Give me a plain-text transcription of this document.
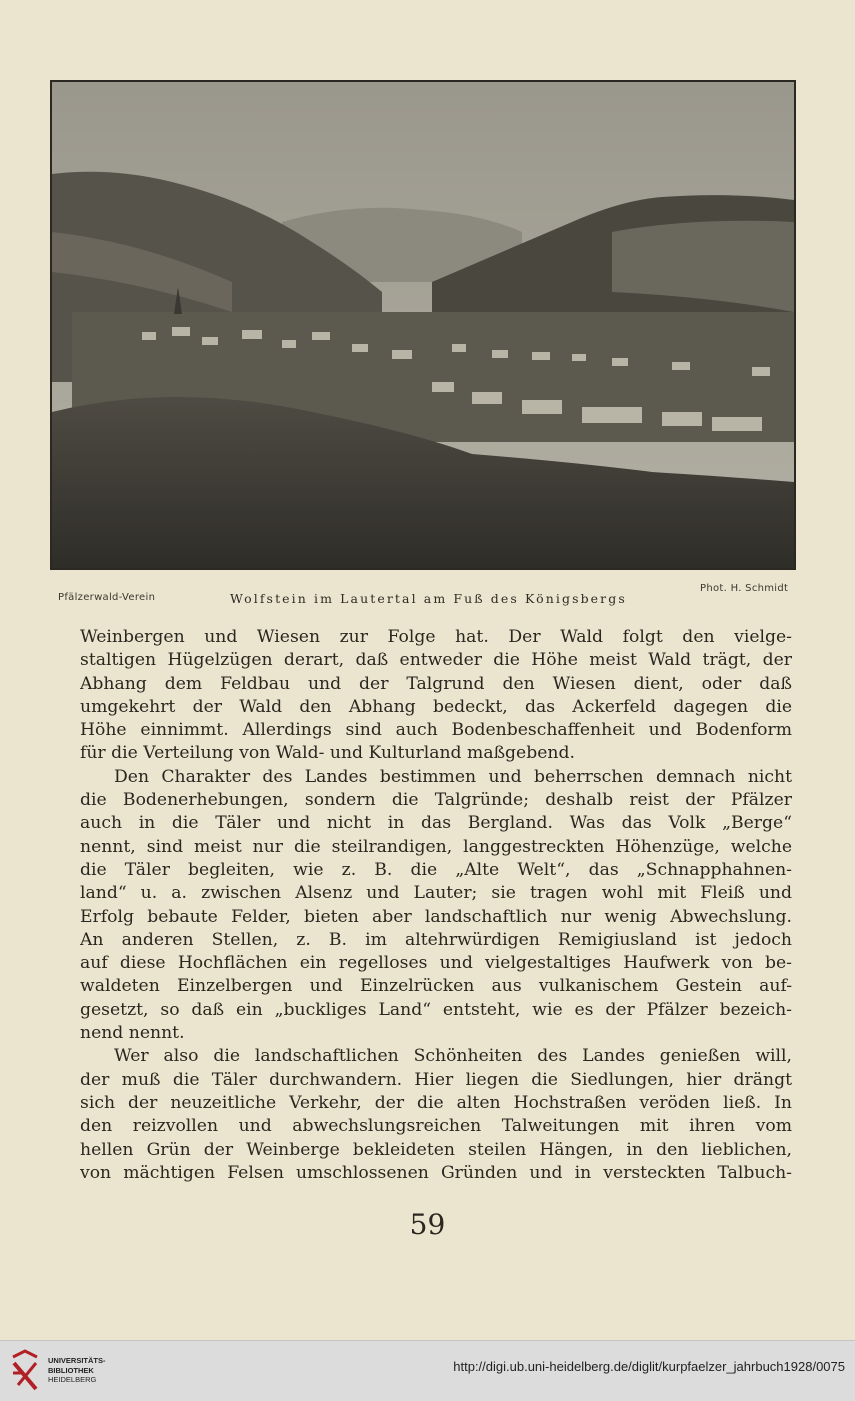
Pfälzerwald-Verein	Wolfstein im Lautertal am Fuß des Königsbergs
Phot. H. Schmidt
Weinbergen und Wiesen zur Folge hat. Der Wald folgt den vielge-
staltigen Hügelzügen derart, daß entweder die Höhe meist Wald trägt, der
Abhang dem Feldbau und der Talgrund den Wiesen dient, oder daß
umgekehrt der Wald den Abhang bedeckt, das Ackerfeld dagegen die
Höhe einnimmt. Allerdings sind auch Bodenbeschaffenheit und Bodenform
für die Verteilung von Wald- und Kulturland maßgebend.
Den Charakter des Landes bestimmen und beherrschen demnach nicht
die Bodenerhebungen, sondern die Talgründe; deshalb reist der Pfälzer
auch in die Täler und nicht in das Bergland. Was das Volk „Berge“
nennt, sind meist nur die steilrandigen, langgestreckten Höhenzüge, welche
die Täler begleiten, wie z. B. die „Alte Welt“, das „Schnapphahnen-
land“ u. a. zwischen Alsenz und Lauter; sie tragen wohl mit Fleiß und
Erfolg bebaute Felder, bieten aber landschaftlich nur wenig Abwechslung.
An anderen Stellen, z. B. im altehrwürdigen Remigiusland ist jedoch
auf diese Hochflächen ein regelloses und vielgestaltiges Haufwerk von be-
waldeten Einzelbergen und Einzelrücken aus vulkanischem Gestein auf-
gesetzt, so daß ein „buckliges Land“ entsteht, wie es der Pfälzer bezeich-
nend nennt.
Wer also die landschaftlichen Schönheiten des Landes genießen will,
der muß die Täler durchwandern. Hier liegen die Siedlungen, hier drängt
sich der neuzeitliche Verkehr, der die alten Hochstraßen veröden ließ. In
den reizvollen und abwechslungsreichen Talweitungen mit ihren vom
hellen Grün der Weinberge bekleideten steilen Hängen, in den lieblichen,
von mächtigen Felsen umschlossenen Gründen und in versteckten Talbuch-
59
UNIVERSITÄTS-
BIBLIOTHEK
HEIDELBERG
http://digi.ub.uni-heidelberg.de/diglit/kurpfaelzer_jahrbuch1928/0075
